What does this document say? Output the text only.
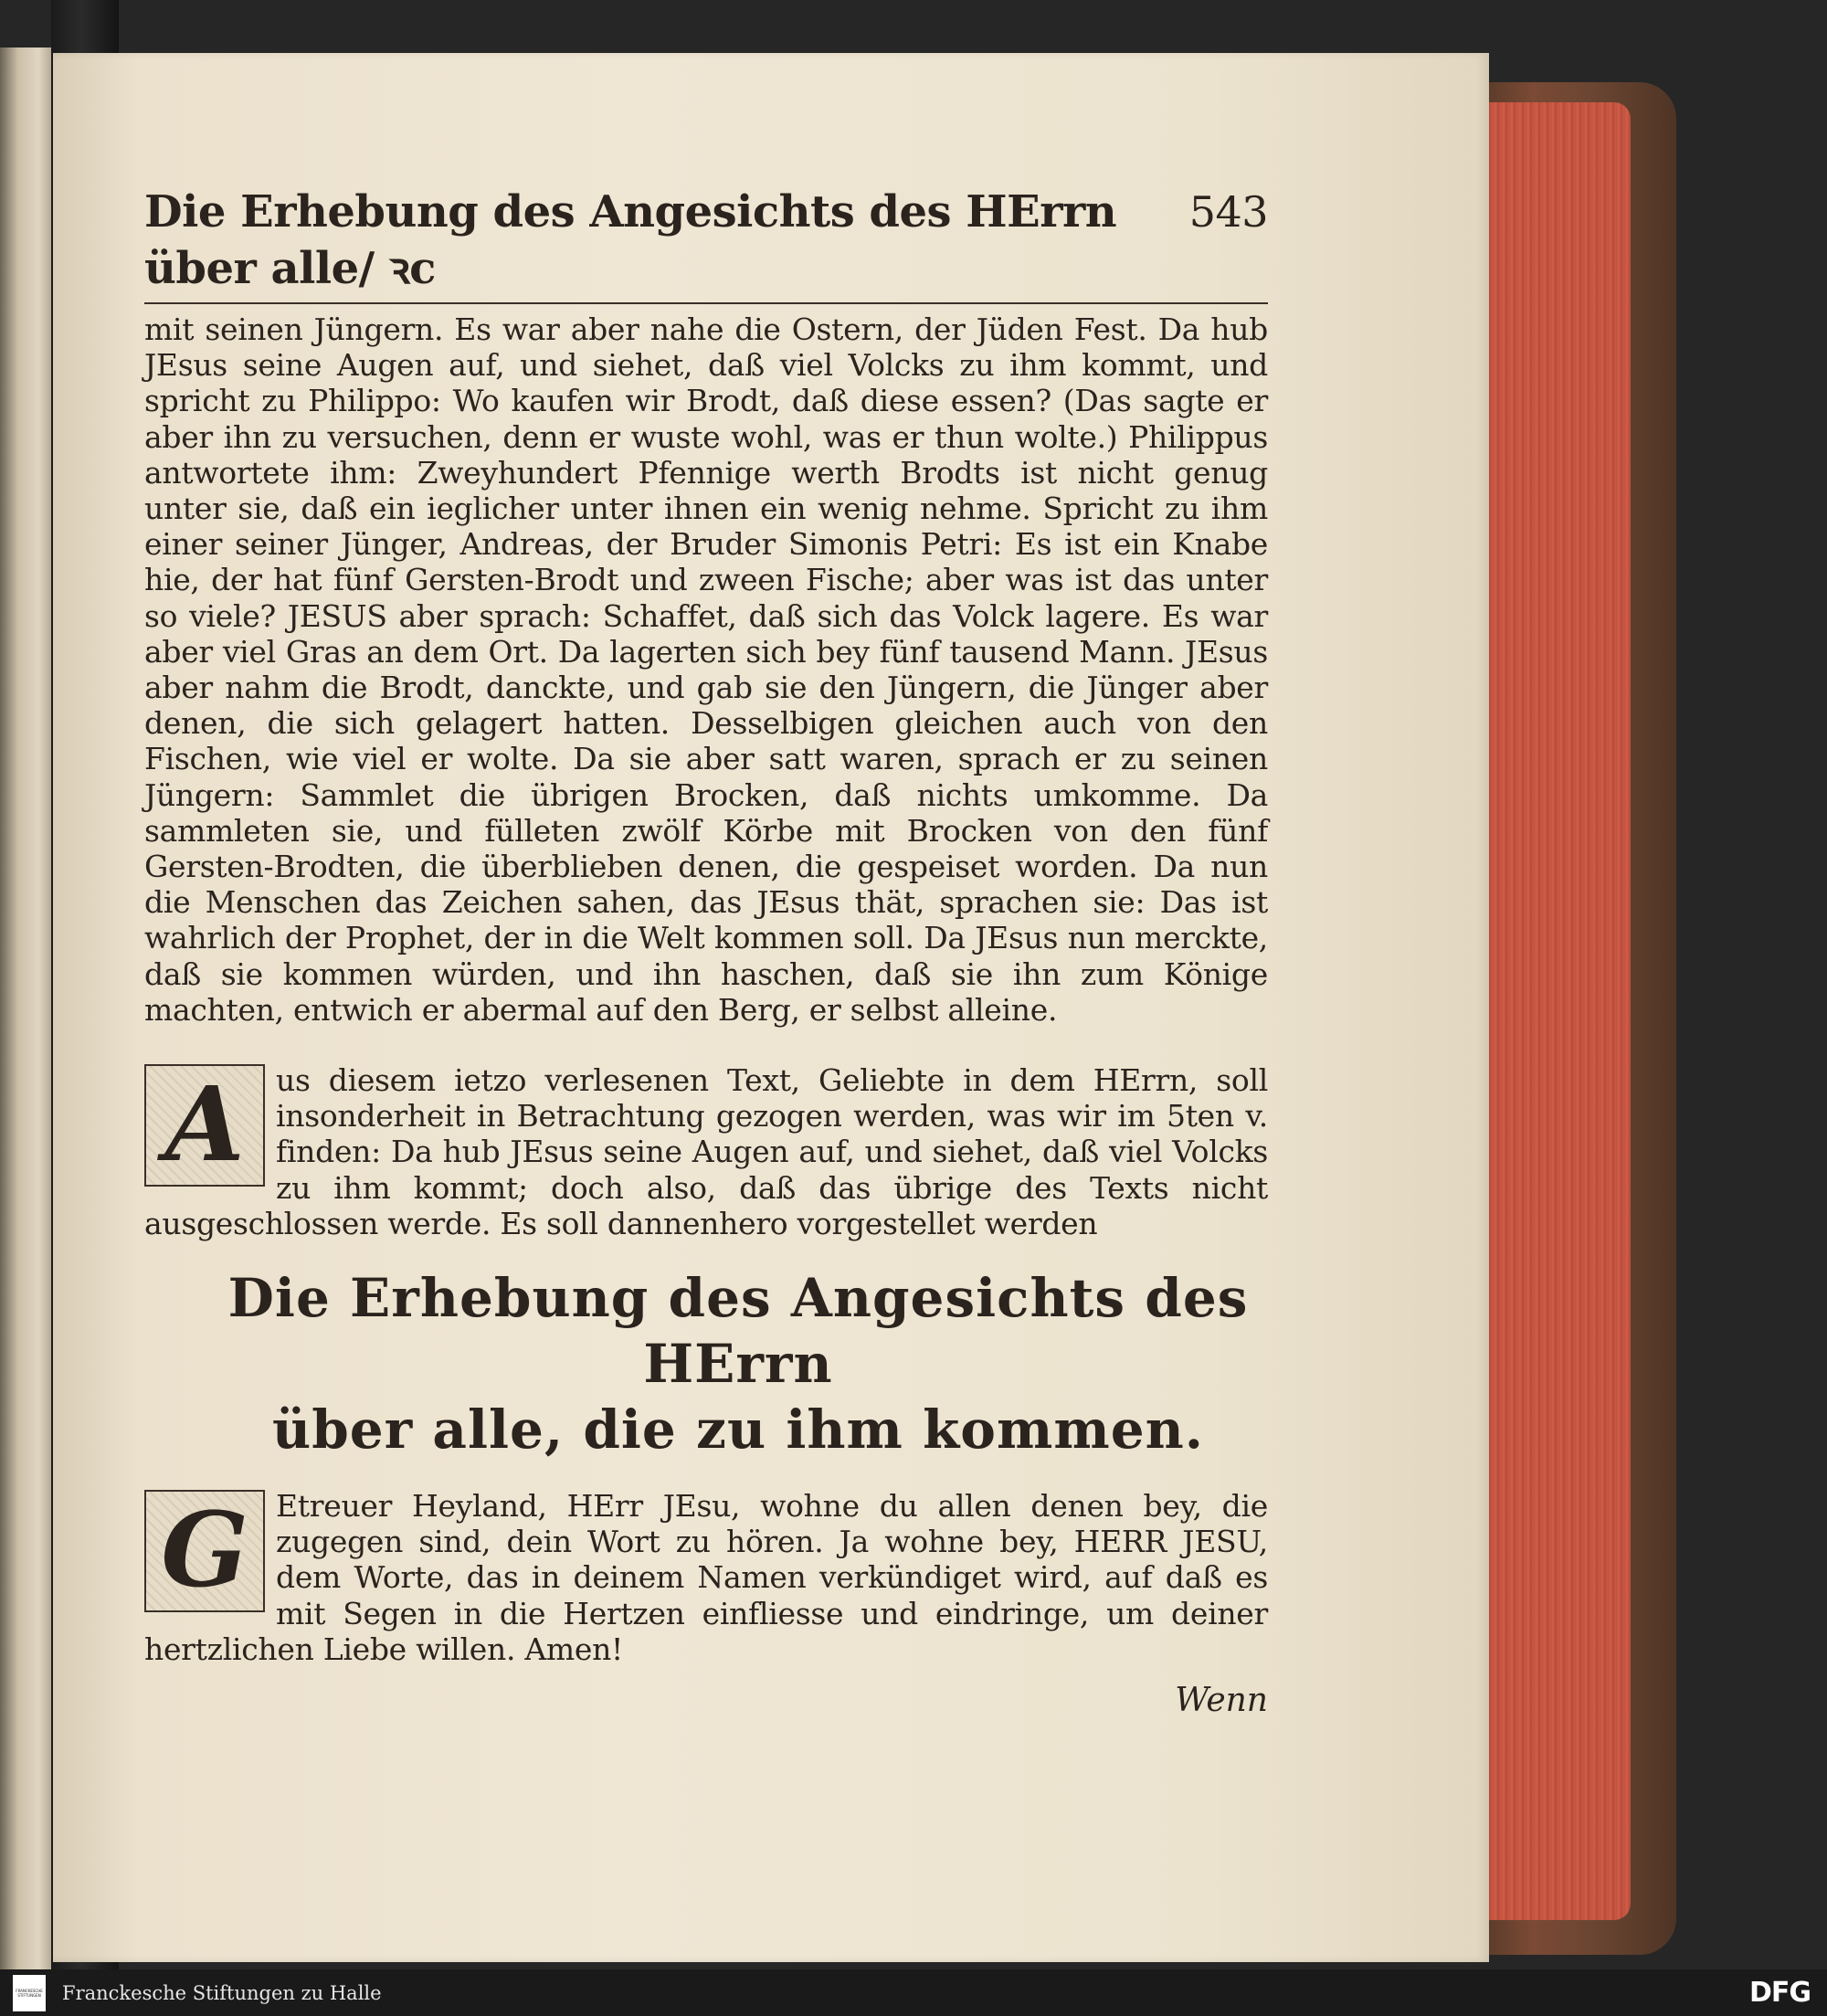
Die Erhebung des Angesichts des HErrn über alle/ ꝛc
543
mit seinen Jüngern. Es war aber nahe die Ostern, der Jüden Fest. Da hub JEsus seine Augen auf, und siehet, daß viel Volcks zu ihm kommt, und spricht zu Philippo: Wo kaufen wir Brodt, daß diese essen? (Das sagte er aber ihn zu versuchen, denn er wuste wohl, was er thun wolte.) Philippus antwortete ihm: Zweyhundert Pfennige werth Brodts ist nicht genug unter sie, daß ein ieglicher unter ihnen ein wenig nehme. Spricht zu ihm einer seiner Jünger, Andreas, der Bruder Simonis Petri: Es ist ein Knabe hie, der hat fünf Gersten-Brodt und zween Fische; aber was ist das unter so viele? JESUS aber sprach: Schaffet, daß sich das Volck lagere. Es war aber viel Gras an dem Ort. Da lagerten sich bey fünf tausend Mann. JEsus aber nahm die Brodt, danckte, und gab sie den Jüngern, die Jünger aber denen, die sich gelagert hatten. Desselbigen gleichen auch von den Fischen, wie viel er wolte. Da sie aber satt waren, sprach er zu seinen Jüngern: Sammlet die übrigen Brocken, daß nichts umkomme. Da sammleten sie, und fülleten zwölf Körbe mit Brocken von den fünf Gersten-Brodten, die überblieben denen, die gespeiset worden. Da nun die Menschen das Zeichen sahen, das JEsus thät, sprachen sie: Das ist wahrlich der Prophet, der in die Welt kommen soll. Da JEsus nun merckte, daß sie kommen würden, und ihn haschen, daß sie ihn zum Könige machten, entwich er abermal auf den Berg, er selbst alleine.
A	us diesem ietzo verlesenen Text, Geliebte in dem HErrn, soll insonderheit in Betrachtung gezogen werden, was wir im 5ten v. finden: Da hub JEsus seine Augen auf, und siehet, daß viel Volcks zu ihm kommt; doch also, daß das übrige des Texts nicht ausgeschlossen werde. Es soll dannenhero vorgestellet werden
Die Erhebung des Angesichts des HErrn
über alle, die zu ihm kommen.
G Etreuer Heyland, HErr JEsu, wohne du allen denen bey, die zugegen sind, dein Wort zu hören. Ja wohne bey, HERR JESU, dem Worte, das in deinem Namen verkündiget wird, auf daß es mit Segen in die Hertzen einfliesse und eindringe, um deiner hertzlichen Liebe willen. Amen!
Wenn
FRANCKESCHE STIFTUNGEN Franckesche Stiftungen zu Halle	DFG
